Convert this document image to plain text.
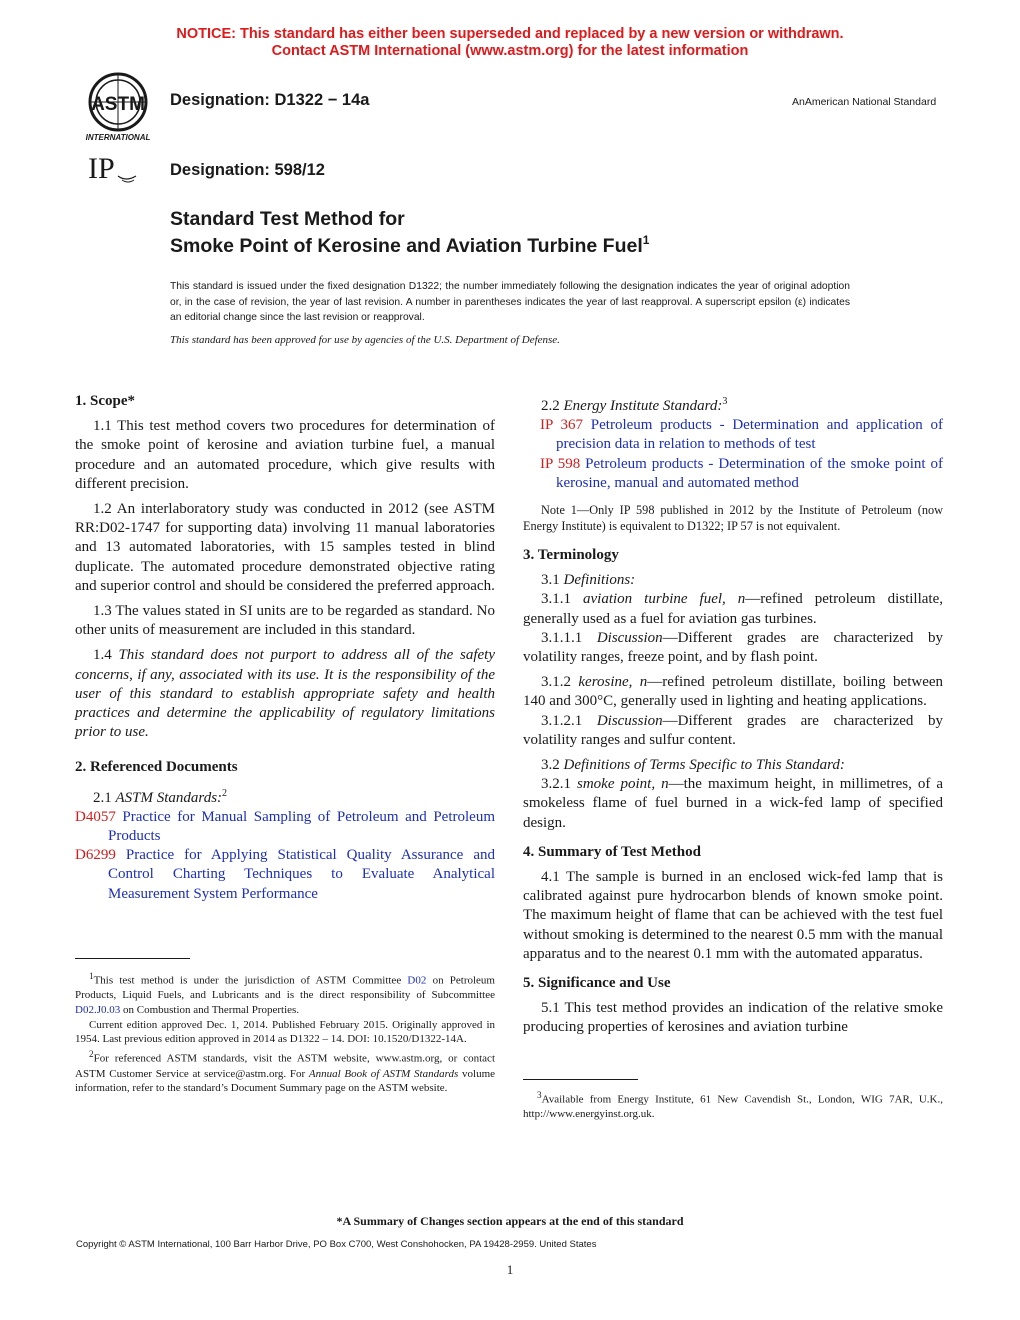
NOTICE: This standard has either been superseded and replaced by a new version or withdrawn.
Contact ASTM International (www.astm.org) for the latest information
ASTM
INTERNATIONAL
IP
Designation: D1322 − 14a	AnAmerican National Standard
Designation: 598/12
Standard Test Method for
Smoke Point of Kerosine and Aviation Turbine Fuel$^1$
This standard is issued under the fixed designation D1322; the number immediately following the designation indicates the year of original adoption or, in the case of revision, the year of last revision. A number in parentheses indicates the year of last reapproval. A superscript epsilon (ε) indicates an editorial change since the last revision or reapproval.
This standard has been approved for use by agencies of the U.S. Department of Defense.
1. Scope*

1.1 This test method covers two procedures for determination of the smoke point of kerosine and aviation turbine fuel, a manual procedure and an automated procedure, which give results with different precision.

1.2 An interlaboratory study was conducted in 2012 (see ASTM RR:D02-1747 for supporting data) involving 11 manual laboratories and 13 automated laboratories, with 15 samples tested in blind duplicate. The automated procedure demonstrated objective rating and superior control and should be considered the preferred approach.

1.3 The values stated in SI units are to be regarded as standard. No other units of measurement are included in this standard.

1.4 This standard does not purport to address all of the safety concerns, if any, associated with its use. It is the responsibility of the user of this standard to establish appropriate safety and health practices and determine the applicability of regulatory limitations prior to use.

2. Referenced Documents

2.1 ASTM Standards:$^2$

D4057 Practice for Manual Sampling of Petroleum and Petroleum Products

D6299 Practice for Applying Statistical Quality Assurance and Control Charting Techniques to Evaluate Analytical Measurement System Performance

$^1$This test method is under the jurisdiction of ASTM Committee D02 on Petroleum Products, Liquid Fuels, and Lubricants and is the direct responsibility of Subcommittee D02.J0.03 on Combustion and Thermal Properties.

Current edition approved Dec. 1, 2014. Published February 2015. Originally approved in 1954. Last previous edition approved in 2014 as D1322 – 14. DOI: 10.1520/D1322-14A.

$^2$For referenced ASTM standards, visit the ASTM website, www.astm.org, or contact ASTM Customer Service at service@astm.org. For Annual Book of ASTM Standards volume information, refer to the standard’s Document Summary page on the ASTM website.

2.2 Energy Institute Standard:$^3$

IP 367 Petroleum products - Determination and application of precision data in relation to methods of test

IP 598 Petroleum products - Determination of the smoke point of kerosine, manual and automated method

Note 1—Only IP 598 published in 2012 by the Institute of Petroleum (now Energy Institute) is equivalent to D1322; IP 57 is not equivalent.

3. Terminology

3.1 Definitions:

3.1.1 aviation turbine fuel, n—refined petroleum distillate, generally used as a fuel for aviation gas turbines.

3.1.1.1 Discussion—Different grades are characterized by volatility ranges, freeze point, and by flash point.

3.1.2 kerosine, n—refined petroleum distillate, boiling between 140 and 300°C, generally used in lighting and heating applications.

3.1.2.1 Discussion—Different grades are characterized by volatility ranges and sulfur content.

3.2 Definitions of Terms Specific to This Standard:

3.2.1 smoke point, n—the maximum height, in millimetres, of a smokeless flame of fuel burned in a wick-fed lamp of specified design.

4. Summary of Test Method

4.1 The sample is burned in an enclosed wick-fed lamp that is calibrated against pure hydrocarbon blends of known smoke point. The maximum height of flame that can be achieved with the test fuel without smoking is determined to the nearest 0.5 mm with the manual apparatus and to the nearest 0.1 mm with the automated apparatus.

5. Significance and Use

5.1 This test method provides an indication of the relative smoke producing properties of kerosines and aviation turbine

$^3$Available from Energy Institute, 61 New Cavendish St., London, WIG 7AR, U.K., http://www.energyinst.org.uk.

*A Summary of Changes section appears at the end of this standard
Copyright © ASTM International, 100 Barr Harbor Drive, PO Box C700, West Conshohocken, PA 19428-2959. United States
1
